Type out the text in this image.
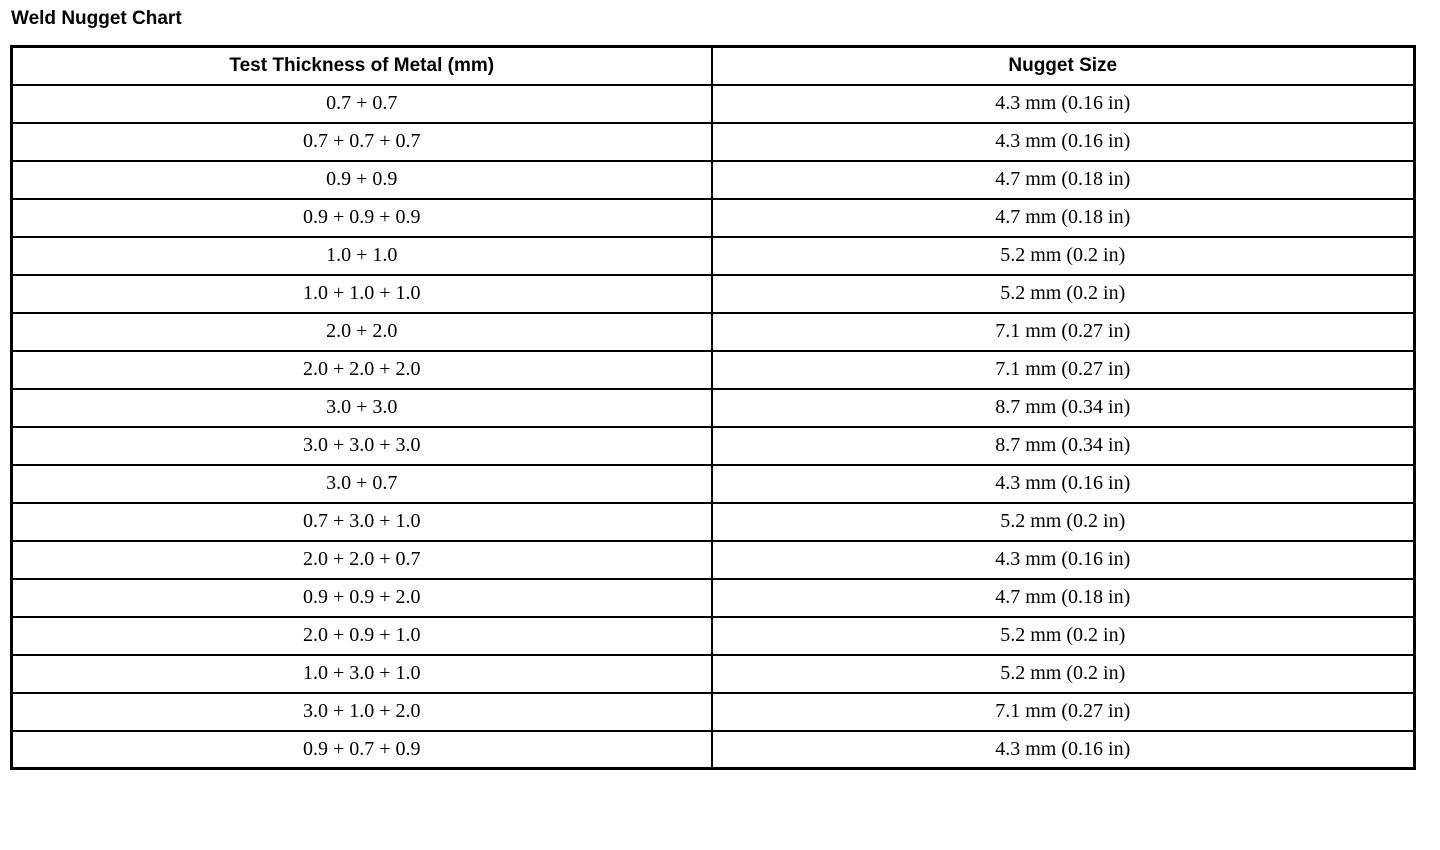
Weld Nugget Chart
Test Thickness of Metal (mm)	Nugget Size
0.7 + 0.7	4.3 mm (0.16 in)
0.7 + 0.7 + 0.7	4.3 mm (0.16 in)
0.9 + 0.9	4.7 mm (0.18 in)
0.9 + 0.9 + 0.9	4.7 mm (0.18 in)
1.0 + 1.0	5.2 mm (0.2 in)
1.0 + 1.0 + 1.0	5.2 mm (0.2 in)
2.0 + 2.0	7.1 mm (0.27 in)
2.0 + 2.0 + 2.0	7.1 mm (0.27 in)
3.0 + 3.0	8.7 mm (0.34 in)
3.0 + 3.0 + 3.0	8.7 mm (0.34 in)
3.0 + 0.7	4.3 mm (0.16 in)
0.7 + 3.0 + 1.0	5.2 mm (0.2 in)
2.0 + 2.0 + 0.7	4.3 mm (0.16 in)
0.9 + 0.9 + 2.0	4.7 mm (0.18 in)
2.0 + 0.9 + 1.0	5.2 mm (0.2 in)
1.0 + 3.0 + 1.0	5.2 mm (0.2 in)
3.0 + 1.0 + 2.0	7.1 mm (0.27 in)
0.9 + 0.7 + 0.9	4.3 mm (0.16 in)
